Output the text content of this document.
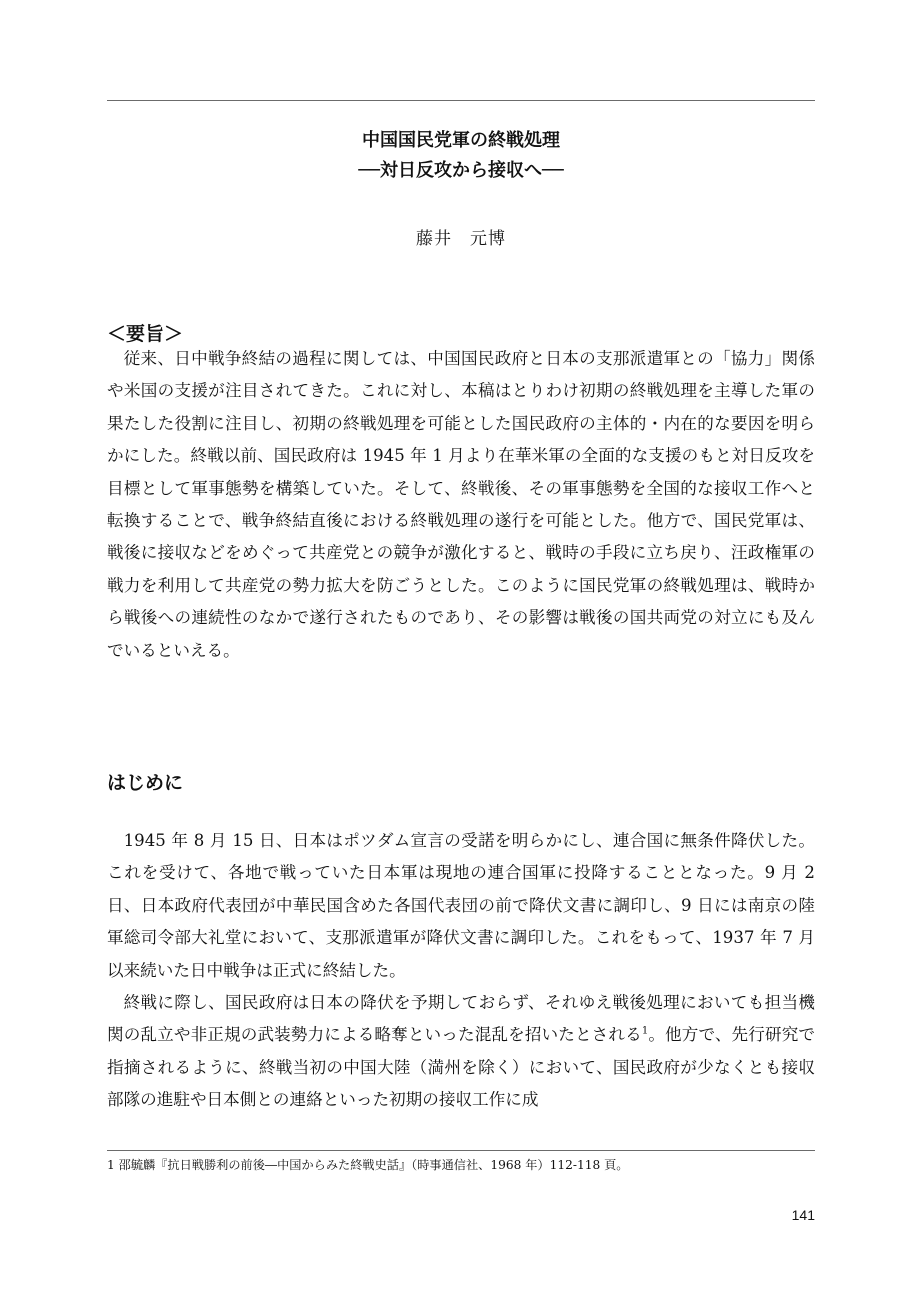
中国国民党軍の終戦処理
──対日反攻から接収へ──
藤井　元博
＜要旨＞

従来、日中戦争終結の過程に関しては、中国国民政府と日本の支那派遣軍との「協力」関係や米国の支援が注目されてきた。これに対し、本稿はとりわけ初期の終戦処理を主導した軍の果たした役割に注目し、初期の終戦処理を可能とした国民政府の主体的・内在的な要因を明らかにした。終戦以前、国民政府は 1945 年 1 月より在華米軍の全面的な支援のもと対日反攻を目標として軍事態勢を構築していた。そして、終戦後、その軍事態勢を全国的な接収工作へと転換することで、戦争終結直後における終戦処理の遂行を可能とした。他方で、国民党軍は、戦後に接収などをめぐって共産党との競争が激化すると、戦時の手段に立ち戻り、汪政権軍の戦力を利用して共産党の勢力拡大を防ごうとした。このように国民党軍の終戦処理は、戦時から戦後への連続性のなかで遂行されたものであり、その影響は戦後の国共両党の対立にも及んでいるといえる。

はじめに

1945 年 8 月 15 日、日本はポツダム宣言の受諾を明らかにし、連合国に無条件降伏した。これを受けて、各地で戦っていた日本軍は現地の連合国軍に投降することとなった。9 月 2 日、日本政府代表団が中華民国含めた各国代表団の前で降伏文書に調印し、9 日には南京の陸軍総司令部大礼堂において、支那派遣軍が降伏文書に調印した。これをもって、1937 年 7 月以来続いた日中戦争は正式に終結した。

終戦に際し、国民政府は日本の降伏を予期しておらず、それゆえ戦後処理においても担当機関の乱立や非正規の武装勢力による略奪といった混乱を招いたとされる$^1$。他方で、先行研究で指摘されるように、終戦当初の中国大陸（満州を除く）において、国民政府が少なくとも接収部隊の進駐や日本側との連絡といった初期の接収工作に成

1 邵毓麟『抗日戦勝利の前後―中国からみた終戦史話』（時事通信社、1968 年）112-118 頁。
141
